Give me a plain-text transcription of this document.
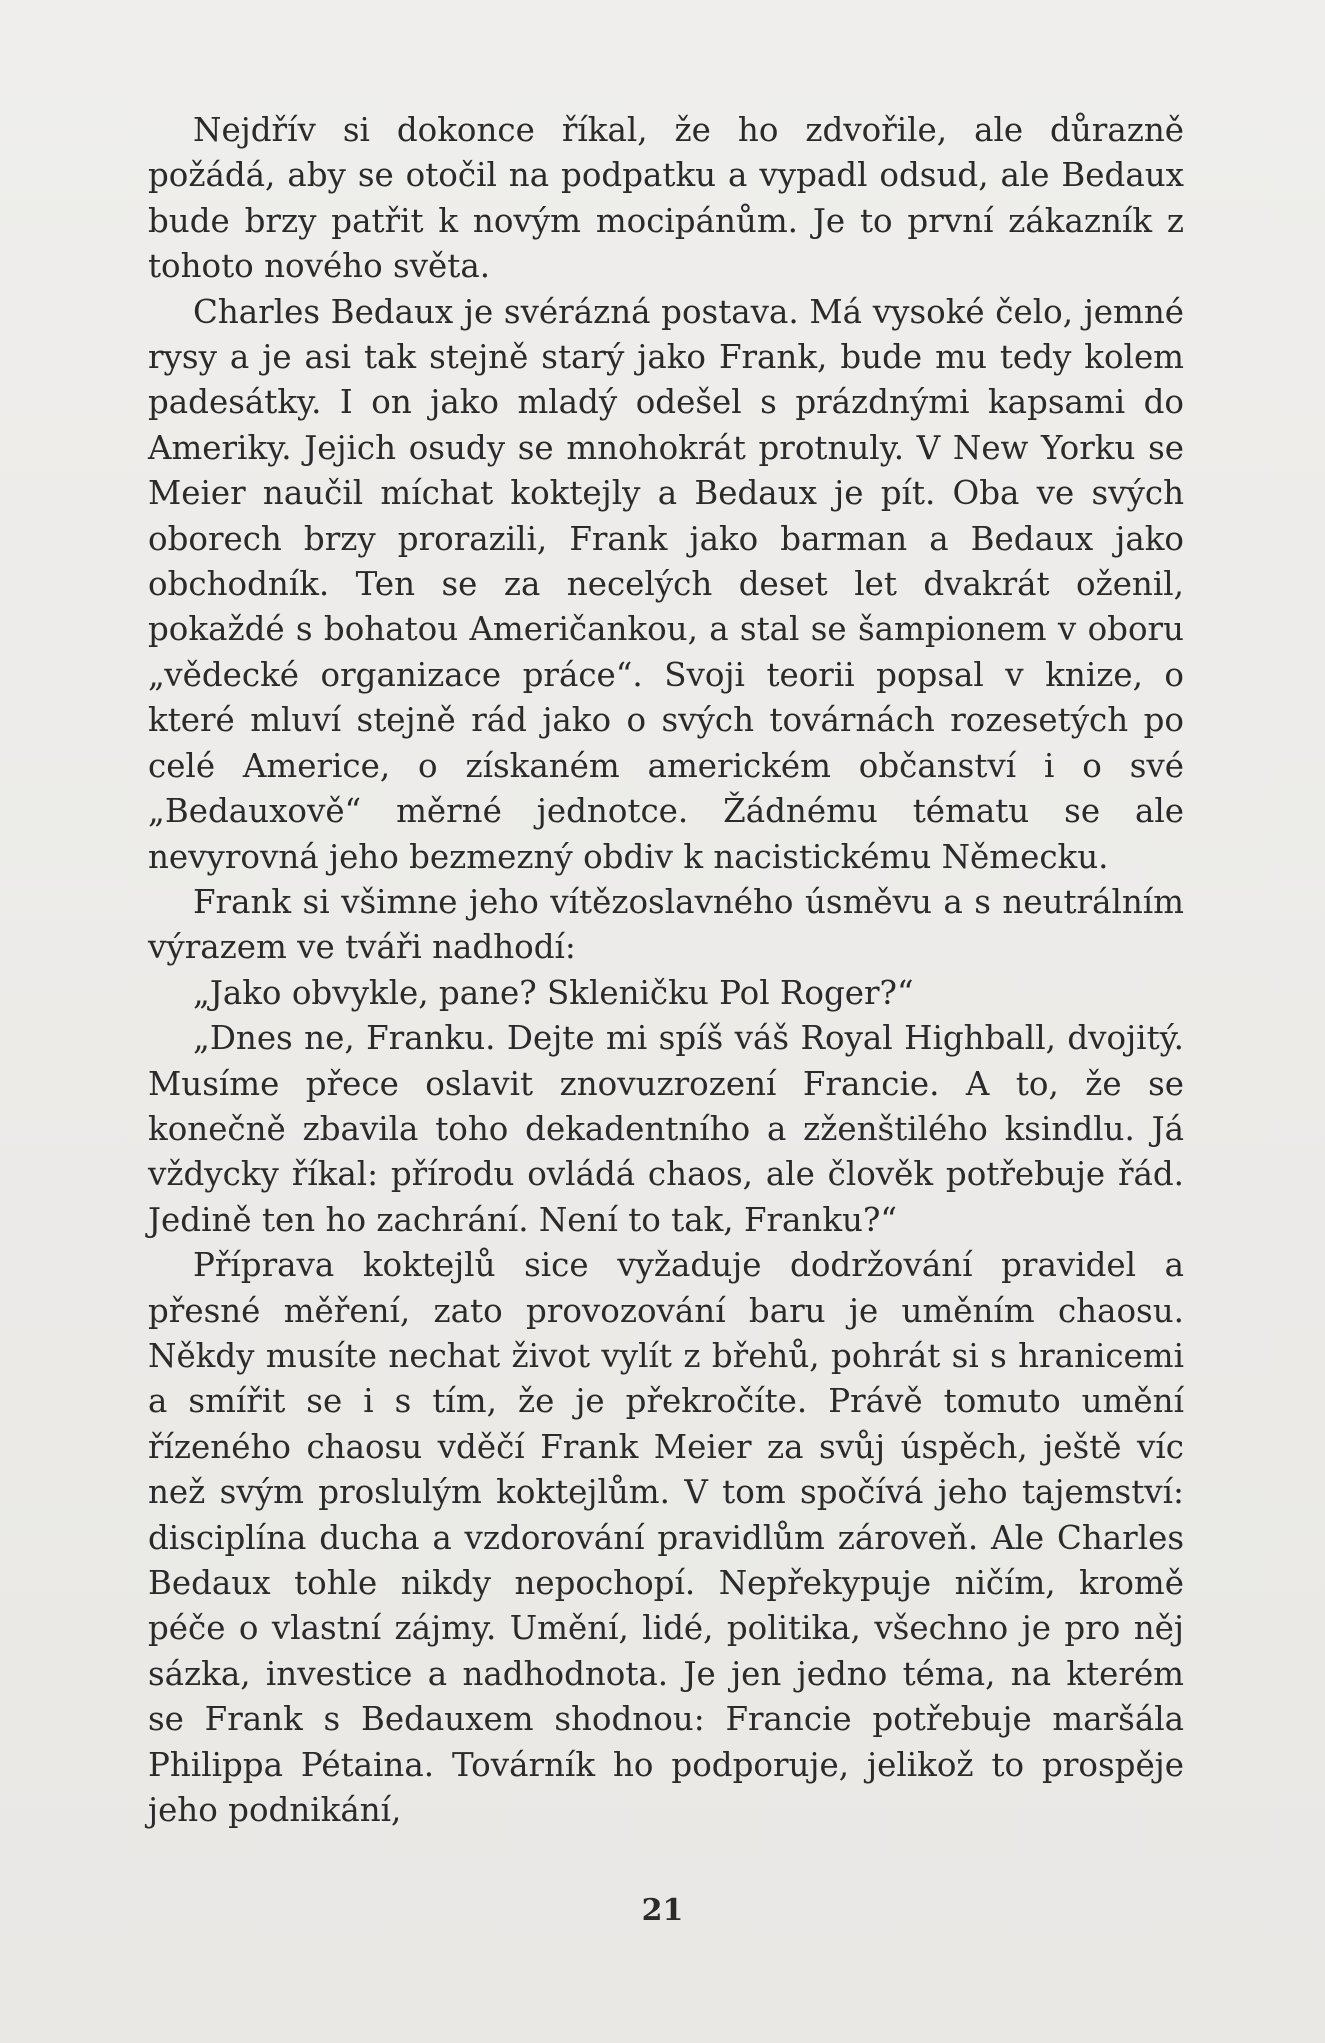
Nejdřív si dokonce říkal, že ho zdvořile, ale důrazně požádá, aby se otočil na podpatku a vypadl odsud, ale Bedaux bude brzy patřit k novým mocipánům. Je to první zákazník z tohoto nového světa.

Charles Bedaux je svérázná postava. Má vysoké čelo, jemné rysy a je asi tak stejně starý jako Frank, bude mu tedy kolem padesátky. I on jako mladý odešel s prázdnými kapsami do Ameriky. Jejich osudy se mnohokrát protnuly. V New Yorku se Meier naučil míchat koktejly a Bedaux je pít. Oba ve svých oborech brzy prorazili, Frank jako barman a Bedaux jako obchodník. Ten se za necelých deset let dvakrát oženil, pokaždé s bohatou Američankou, a stal se šampionem v oboru „vědecké organizace práce“. Svoji teorii popsal v knize, o které mluví stejně rád jako o svých továrnách rozesetých po celé Americe, o získaném americkém občanství i o své „Bedauxově“ měrné jednotce. Žádnému tématu se ale nevyrovná jeho bezmezný obdiv k nacistickému Německu.

Frank si všimne jeho vítězoslavného úsměvu a s neutrálním výrazem ve tváři nadhodí:

„Jako obvykle, pane? Skleničku Pol Roger?“

„Dnes ne, Franku. Dejte mi spíš váš Royal Highball, dvojitý. Musíme přece oslavit znovuzrození Francie. A to, že se konečně zbavila toho dekadentního a zženštilého ksindlu. Já vždycky říkal: přírodu ovládá chaos, ale člověk potřebuje řád. Jedině ten ho zachrání. Není to tak, Franku?“

Příprava koktejlů sice vyžaduje dodržování pravidel a přesné měření, zato provozování baru je uměním chaosu. Někdy musíte nechat život vylít z břehů, pohrát si s hranicemi a smířit se i s tím, že je překročíte. Právě tomuto umění řízeného chaosu vděčí Frank Meier za svůj úspěch, ještě víc než svým proslulým koktejlům. V tom spočívá jeho tajemství: disciplína ducha a vzdorování pravidlům zároveň. Ale Charles Bedaux tohle nikdy nepochopí. Nepřekypuje ničím, kromě péče o vlastní zájmy. Umění, lidé, politika, všechno je pro něj sázka, investice a nadhodnota. Je jen jedno téma, na kterém se Frank s Bedauxem shodnou: Francie potřebuje maršála Philippa Pétaina. Továrník ho podporuje, jelikož to prospěje jeho podnikání,

21
